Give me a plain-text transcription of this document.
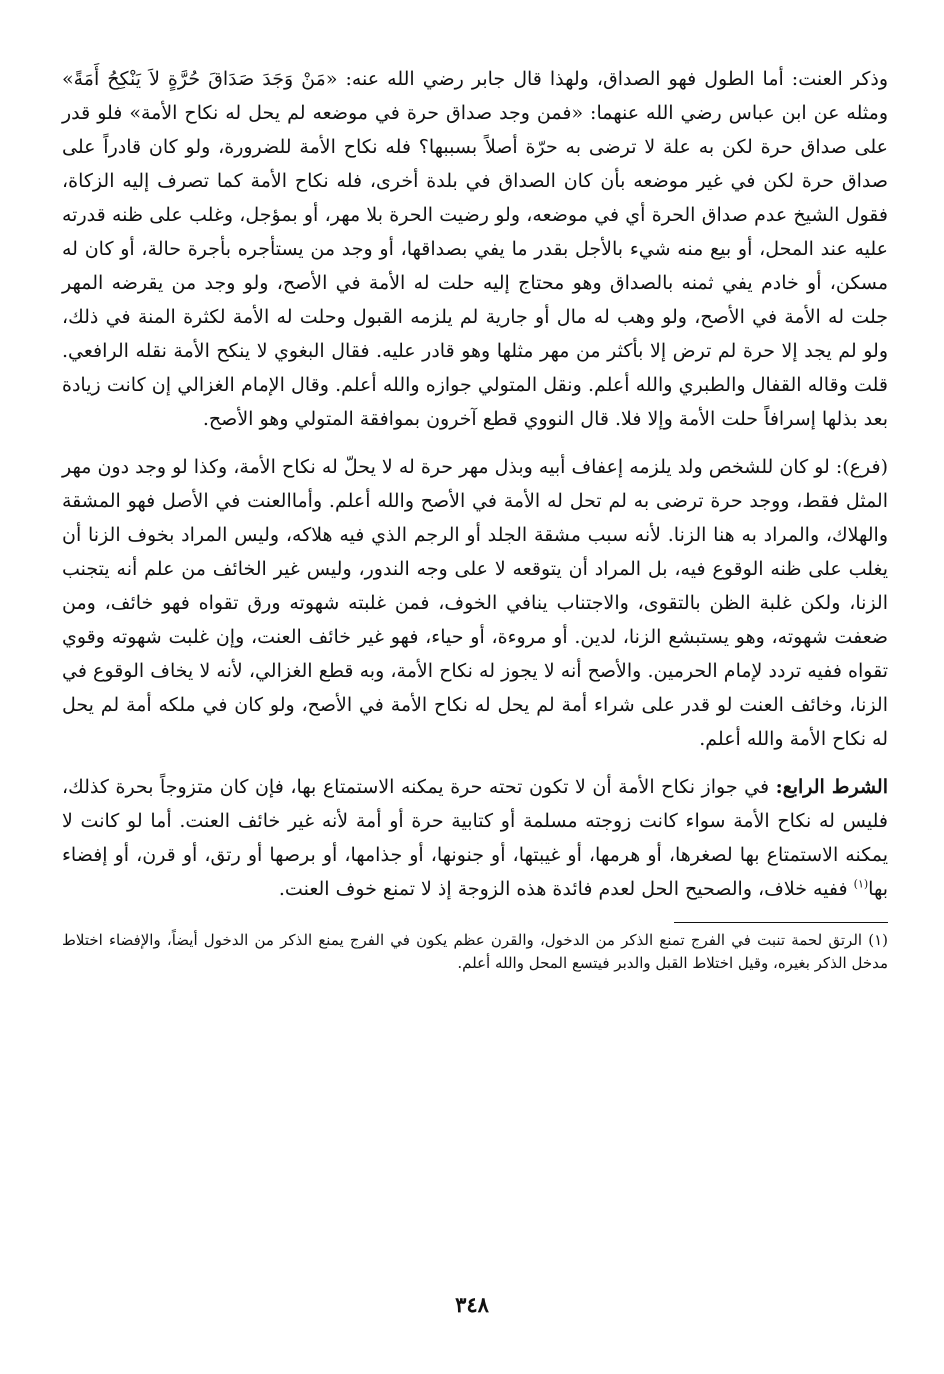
وذكر العنت: أما الطول فهو الصداق، ولهذا قال جابر رضي الله عنه: «مَنْ وَجَدَ صَدَاقَ حُرَّةٍ لاَ يَنْكِحُ أَمَةً» ومثله عن ابن عباس رضي الله عنهما: «فمن وجد صداق حرة في موضعه لم يحل له نكاح الأمة» فلو قدر على صداق حرة لكن به علة لا ترضى به حرّة أصلاً بسببها؟ فله نكاح الأمة للضرورة، ولو كان قادراً على صداق حرة لكن في غير موضعه بأن كان الصداق في بلدة أخرى، فله نكاح الأمة كما تصرف إليه الزكاة، فقول الشيخ عدم صداق الحرة أي في موضعه، ولو رضيت الحرة بلا مهر، أو بمؤجل، وغلب على ظنه قدرته عليه عند المحل، أو بيع منه شيء بالأجل بقدر ما يفي بصداقها، أو وجد من يستأجره بأجرة حالة، أو كان له مسكن، أو خادم يفي ثمنه بالصداق وهو محتاج إليه حلت له الأمة في الأصح، ولو وجد من يقرضه المهر جلت له الأمة في الأصح، ولو وهب له مال أو جارية لم يلزمه القبول وحلت له الأمة لكثرة المنة في ذلك، ولو لم يجد إلا حرة لم ترض إلا بأكثر من مهر مثلها وهو قادر عليه. فقال البغوي لا ينكح الأمة نقله الرافعي. قلت وقاله القفال والطبري والله أعلم. ونقل المتولي جوازه والله أعلم. وقال الإمام الغزالي إن كانت زيادة بعد بذلها إسرافاً حلت الأمة وإلا فلا. قال النووي قطع آخرون بموافقة المتولي وهو الأصح.

(فرع): لو كان للشخص ولد يلزمه إعفاف أبيه وبذل مهر حرة له لا يحلّ له نكاح الأمة، وكذا لو وجد دون مهر المثل فقط، ووجد حرة ترضى به لم تحل له الأمة في الأصح والله أعلم. وأماالعنت في الأصل فهو المشقة والهلاك، والمراد به هنا الزنا. لأنه سبب مشقة الجلد أو الرجم الذي فيه هلاكه، وليس المراد بخوف الزنا أن يغلب على ظنه الوقوع فيه، بل المراد أن يتوقعه لا على وجه الندور، وليس غير الخائف من علم أنه يتجنب الزنا، ولكن غلبة الظن بالتقوى، والاجتناب ينافي الخوف، فمن غلبته شهوته ورق تقواه فهو خائف، ومن ضعفت شهوته، وهو يستبشع الزنا، لدين. أو مروءة، أو حياء، فهو غير خائف العنت، وإن غلبت شهوته وقوي تقواه ففيه تردد لإمام الحرمين. والأصح أنه لا يجوز له نكاح الأمة، وبه قطع الغزالي، لأنه لا يخاف الوقوع في الزنا، وخائف العنت لو قدر على شراء أمة لم يحل له نكاح الأمة في الأصح، ولو كان في ملكه أمة لم يحل له نكاح الأمة والله أعلم.

الشرط الرابع: في جواز نكاح الأمة أن لا تكون تحته حرة يمكنه الاستمتاع بها، فإن كان متزوجاً بحرة كذلك، فليس له نكاح الأمة سواء كانت زوجته مسلمة أو كتابية حرة أو أمة لأنه غير خائف العنت. أما لو كانت لا يمكنه الاستمتاع بها لصغرها، أو هرمها، أو غيبتها، أو جنونها، أو جذامها، أو برصها أو رتق، أو قرن، أو إفضاء بها$^{(١)}$ ففيه خلاف، والصحيح الحل لعدم فائدة هذه الزوجة إذ لا تمنع خوف العنت.

(١) الرتق لحمة تنبت في الفرج تمنع الذكر من الدخول، والقرن عظم يكون في الفرج يمنع الذكر من الدخول أيضاً، والإفضاء اختلاط مدخل الذكر بغيره، وقيل اختلاط القبل والدبر فيتسع المحل والله أعلم.
٣٤٨
